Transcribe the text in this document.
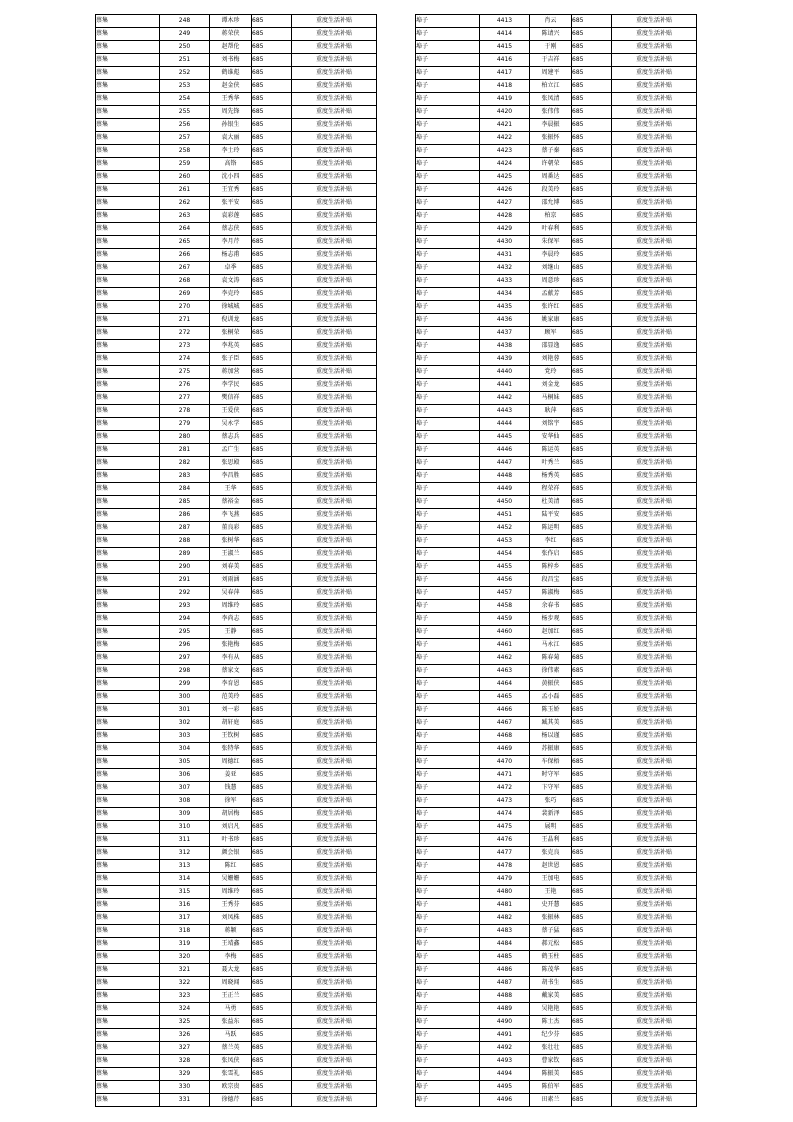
蔡集	248	谭木珍	685	重度生活补贴
蔡集	249	蒋荣侠	685	重度生活补贴
蔡集	250	赵帮伦	685	重度生活补贴
蔡集	251	刘书梅	685	重度生活补贴
蔡集	252	鹤谁彪	685	重度生活补贴
蔡集	253	赵金侠	685	重度生活补贴
蔡集	254	王秀华	685	重度生活补贴
蔡集	255	周先锋	685	重度生活补贴
蔡集	256	孙银生	685	重度生活补贴
蔡集	257	袁大丽	685	重度生活补贴
蔡集	258	李士玲	685	重度生活补贴
蔡集	259	高铬	685	重度生活补贴
蔡集	260	沈小四	685	重度生活补贴
蔡集	261	王宜秀	685	重度生活补贴
蔡集	262	张平安	685	重度生活补贴
蔡集	263	袁彩莲	685	重度生活补贴
蔡集	264	蔡志侠	685	重度生活补贴
蔡集	265	李月芹	685	重度生活补贴
蔡集	266	杨志甫	685	重度生活补贴
蔡集	267	卓季	685	重度生活补贴
蔡集	268	袁文涛	685	重度生活补贴
蔡集	269	李克玲	685	重度生活补贴
蔡集	270	徐城城	685	重度生活补贴
蔡集	271	倪训龙	685	重度生活补贴
蔡集	272	张桐荣	685	重度生活补贴
蔡集	273	李兆英	685	重度生活补贴
蔡集	274	张子臣	685	重度生活补贴
蔡集	275	蒋加营	685	重度生活补贴
蔡集	276	李学民	685	重度生活补贴
蔡集	277	樊信祥	685	重度生活补贴
蔡集	278	王爱侠	685	重度生活补贴
蔡集	279	吴永学	685	重度生活补贴
蔡集	280	蔡志兵	685	重度生活补贴
蔡集	281	孟广生	685	重度生活补贴
蔡集	282	张思殿	685	重度生活补贴
蔡集	283	李昌胜	685	重度生活补贴
蔡集	284	王华	685	重度生活补贴
蔡集	285	蔡裕金	685	重度生活补贴
蔡集	286	李飞燕	685	重度生活补贴
蔡集	287	董良彩	685	重度生活补贴
蔡集	288	张树华	685	重度生活补贴
蔡集	289	王淑兰	685	重度生活补贴
蔡集	290	刘春美	685	重度生活补贴
蔡集	291	刘雨涵	685	重度生活补贴
蔡集	292	吴春萍	685	重度生活补贴
蔡集	293	周维玲	685	重度生活补贴
蔡集	294	李尚志	685	重度生活补贴
蔡集	295	王静	685	重度生活补贴
蔡集	296	张艳梅	685	重度生活补贴
蔡集	297	李有从	685	重度生活补贴
蔡集	298	蔡家文	685	重度生活补贴
蔡集	299	李育恩	685	重度生活补贴
蔡集	300	范美玲	685	重度生活补贴
蔡集	301	刘一彩	685	重度生活补贴
蔡集	302	胡轩庭	685	重度生活补贴
蔡集	303	王钦树	685	重度生活补贴
蔡集	304	张特华	685	重度生活补贴
蔡集	305	周德红	685	重度生活补贴
蔡集	306	姜亚	685	重度生活补贴
蔡集	307	钱慧	685	重度生活补贴
蔡集	308	徐军	685	重度生活补贴
蔡集	309	胡居梅	685	重度生活补贴
蔡集	310	刘启凡	685	重度生活补贴
蔡集	311	叶书珍	685	重度生活补贴
蔡集	312	颜会银	685	重度生活补贴
蔡集	313	陈红	685	重度生活补贴
蔡集	314	吴姗姗	685	重度生活补贴
蔡集	315	周维玲	685	重度生活补贴
蔡集	316	王秀芬	685	重度生活补贴
蔡集	317	刘凤株	685	重度生活补贴
蔡集	318	蒋颖	685	重度生活补贴
蔡集	319	王靖鑫	685	重度生活补贴
蔡集	320	李梅	685	重度生活补贴
蔡集	321	聂大龙	685	重度生活补贴
蔡集	322	周晓闻	685	重度生活补贴
蔡集	323	王正兰	685	重度生活补贴
蔡集	324	马勇	685	重度生活补贴
蔡集	325	张益东	685	重度生活补贴
蔡集	326	马跃	685	重度生活补贴
蔡集	327	蔡兰英	685	重度生活补贴
蔡集	328	张凤侠	685	重度生活补贴
蔡集	329	张雪礼	685	重度生活补贴
蔡集	330	欧宗贵	685	重度生活补贴
蔡集	331	徐德芹	685	重度生活补贴
埠子	4413	肖云	685	重度生活补贴
埠子	4414	陈请兴	685	重度生活补贴
埠子	4415	于刚	685	重度生活补贴
埠子	4416	于吉祥	685	重度生活补贴
埠子	4417	周建平	685	重度生活补贴
埠子	4418	柏立江	685	重度生活补贴
埠子	4419	张凤清	685	重度生活补贴
埠子	4420	张伟伟	685	重度生活补贴
埠子	4421	李晨振	685	重度生活补贴
埠子	4422	张振怀	685	重度生活补贴
埠子	4423	蔡子秦	685	重度生活补贴
埠子	4424	许朝荣	685	重度生活补贴
埠子	4425	周番达	685	重度生活补贴
埠子	4426	段美玲	685	重度生活补贴
埠子	4427	邵允博	685	重度生活补贴
埠子	4428	柏京	685	重度生活补贴
埠子	4429	叶春利	685	重度生活补贴
埠子	4430	朱保军	685	重度生活补贴
埠子	4431	李晨玲	685	重度生活补贴
埠子	4432	刘继山	685	重度生活补贴
埠子	4433	周意珍	685	重度生活补贴
埠子	4434	孟献芳	685	重度生活补贴
埠子	4435	张许红	685	重度生活补贴
埠子	4436	姚家康	685	重度生活补贴
埠子	4437	顾军	685	重度生活补贴
埠子	4438	邵显逸	685	重度生活补贴
埠子	4439	刘艳蓉	685	重度生活补贴
埠子	4440	党玲	685	重度生活补贴
埠子	4441	刘金龙	685	重度生活补贴
埠子	4442	马桐妹	685	重度生活补贴
埠子	4443	耿萍	685	重度生活补贴
埠子	4444	刘铭宇	685	重度生活补贴
埠子	4445	安华仙	685	重度生活补贴
埠子	4446	陈运英	685	重度生活补贴
埠子	4447	叶秀兰	685	重度生活补贴
埠子	4448	杨秀英	685	重度生活补贴
埠子	4449	程荣祥	685	重度生活补贴
埠子	4450	杜美清	685	重度生活补贴
埠子	4451	陆平安	685	重度生活补贴
埠子	4452	陈运明	685	重度生活补贴
埠子	4453	李红	685	重度生活补贴
埠子	4454	张作启	685	重度生活补贴
埠子	4455	陈梓乡	685	重度生活补贴
埠子	4456	段昌宝	685	重度生活补贴
埠子	4457	陈淑梅	685	重度生活补贴
埠子	4458	余春书	685	重度生活补贴
埠子	4459	杨步观	685	重度生活补贴
埠子	4460	赵加红	685	重度生活补贴
埠子	4461	马永江	685	重度生活补贴
埠子	4462	陈春菊	685	重度生活补贴
埠子	4463	徐伟素	685	重度生活补贴
埠子	4464	黄振侠	685	重度生活补贴
埠子	4465	孟小磊	685	重度生活补贴
埠子	4466	陈玉娇	685	重度生活补贴
埠子	4467	臧其美	685	重度生活补贴
埠子	4468	杨以谨	685	重度生活补贴
埠子	4469	苏振康	685	重度生活补贴
埠子	4470	车保梧	685	重度生活补贴
埠子	4471	时守军	685	重度生活补贴
埠子	4472	卞守军	685	重度生活补贴
埠子	4473	张巧	685	重度生活补贴
埠子	4474	裴新泽	685	重度生活补贴
埠子	4475	展明	685	重度生活补贴
埠子	4476	王晶利	685	重度生活补贴
埠子	4477	张克良	685	重度生活补贴
埠子	4478	赵世恩	685	重度生活补贴
埠子	4479	王加电	685	重度生活补贴
埠子	4480	王艳	685	重度生活补贴
埠子	4481	史开慧	685	重度生活补贴
埠子	4482	张振林	685	重度生活补贴
埠子	4483	蔡子猛	685	重度生活补贴
埠子	4484	郝元松	685	重度生活补贴
埠子	4485	鹤玉柱	685	重度生活补贴
埠子	4486	陈茂华	685	重度生活补贴
埠子	4487	胡书生	685	重度生活补贴
埠子	4488	戴家美	685	重度生活补贴
埠子	4489	吴艳艳	685	重度生活补贴
埠子	4490	陈士杰	685	重度生活补贴
埠子	4491	纪少芬	685	重度生活补贴
埠子	4492	张壮壮	685	重度生活补贴
埠子	4493	曹家钦	685	重度生活补贴
埠子	4494	陈振美	685	重度生活补贴
埠子	4495	陈伯军	685	重度生活补贴
埠子	4496	田素兰	685	重度生活补贴
